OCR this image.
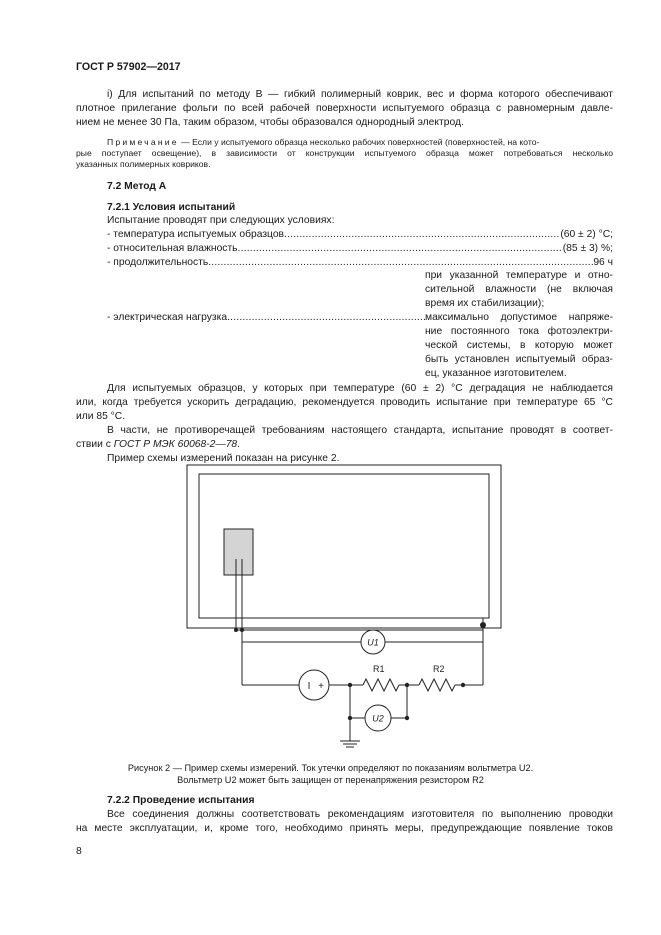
ГОСТ Р 57902—2017
i) Для испытаний по методу В — гибкий полимерный коврик, вес и форма которого обеспечивают
плотное прилегание фольги по всей рабочей поверхности испытуемого образца с равномерным давле-
нием не менее 30 Па, таким образом, чтобы образовался однородный электрод.
Примечание — Если у испытуемого образца несколько рабочих поверхностей (поверхностей, на кото-
рые поступает освещение), в зависимости от конструкции испытуемого образца может потребоваться несколько
указанных полимерных ковриков.
7.2 Метод А
7.2.1 Условия испытаний
Испытание проводят при следующих условиях:
- температура испытуемых образцов .....	(60 ± 2) °С;
- относительная влажность .....	(85 ± 3) %;
- продолжительность .....	96 ч
при указанной температуре и отно-
сительной влажности (не включая
время их стабилизации);
- электрическая нагрузка .....	максимально допустимое напряже-
ние постоянного тока фотоэлектри-
ческой системы, в которую может
быть установлен испытуемый образ-
ец, указанное изготовителем.
Для испытуемых образцов, у которых при температуре (60 ± 2) °С деградация не наблюдается
или, когда требуется ускорить деградацию, рекомендуется проводить испытание при температуре 65 °С
или 85 °С.
В части, не противоречащей требованиям настоящего стандарта, испытание проводят в соответ-
ствии с ГОСТ Р МЭК 60068-2—78.
Пример схемы измерений показан на рисунке 2.
U1
U2
R1	R2
I +
Рисунок 2 — Пример схемы измерений. Ток утечки определяют по показаниям вольтметра U2.
Вольтметр U2 может быть защищен от перенапряжения резистором R2
7.2.2 Проведение испытания
Все соединения должны соответствовать рекомендациям изготовителя по выполнению проводки
на месте эксплуатации, и, кроме того, необходимо принять меры, предупреждающие появление токов
8
